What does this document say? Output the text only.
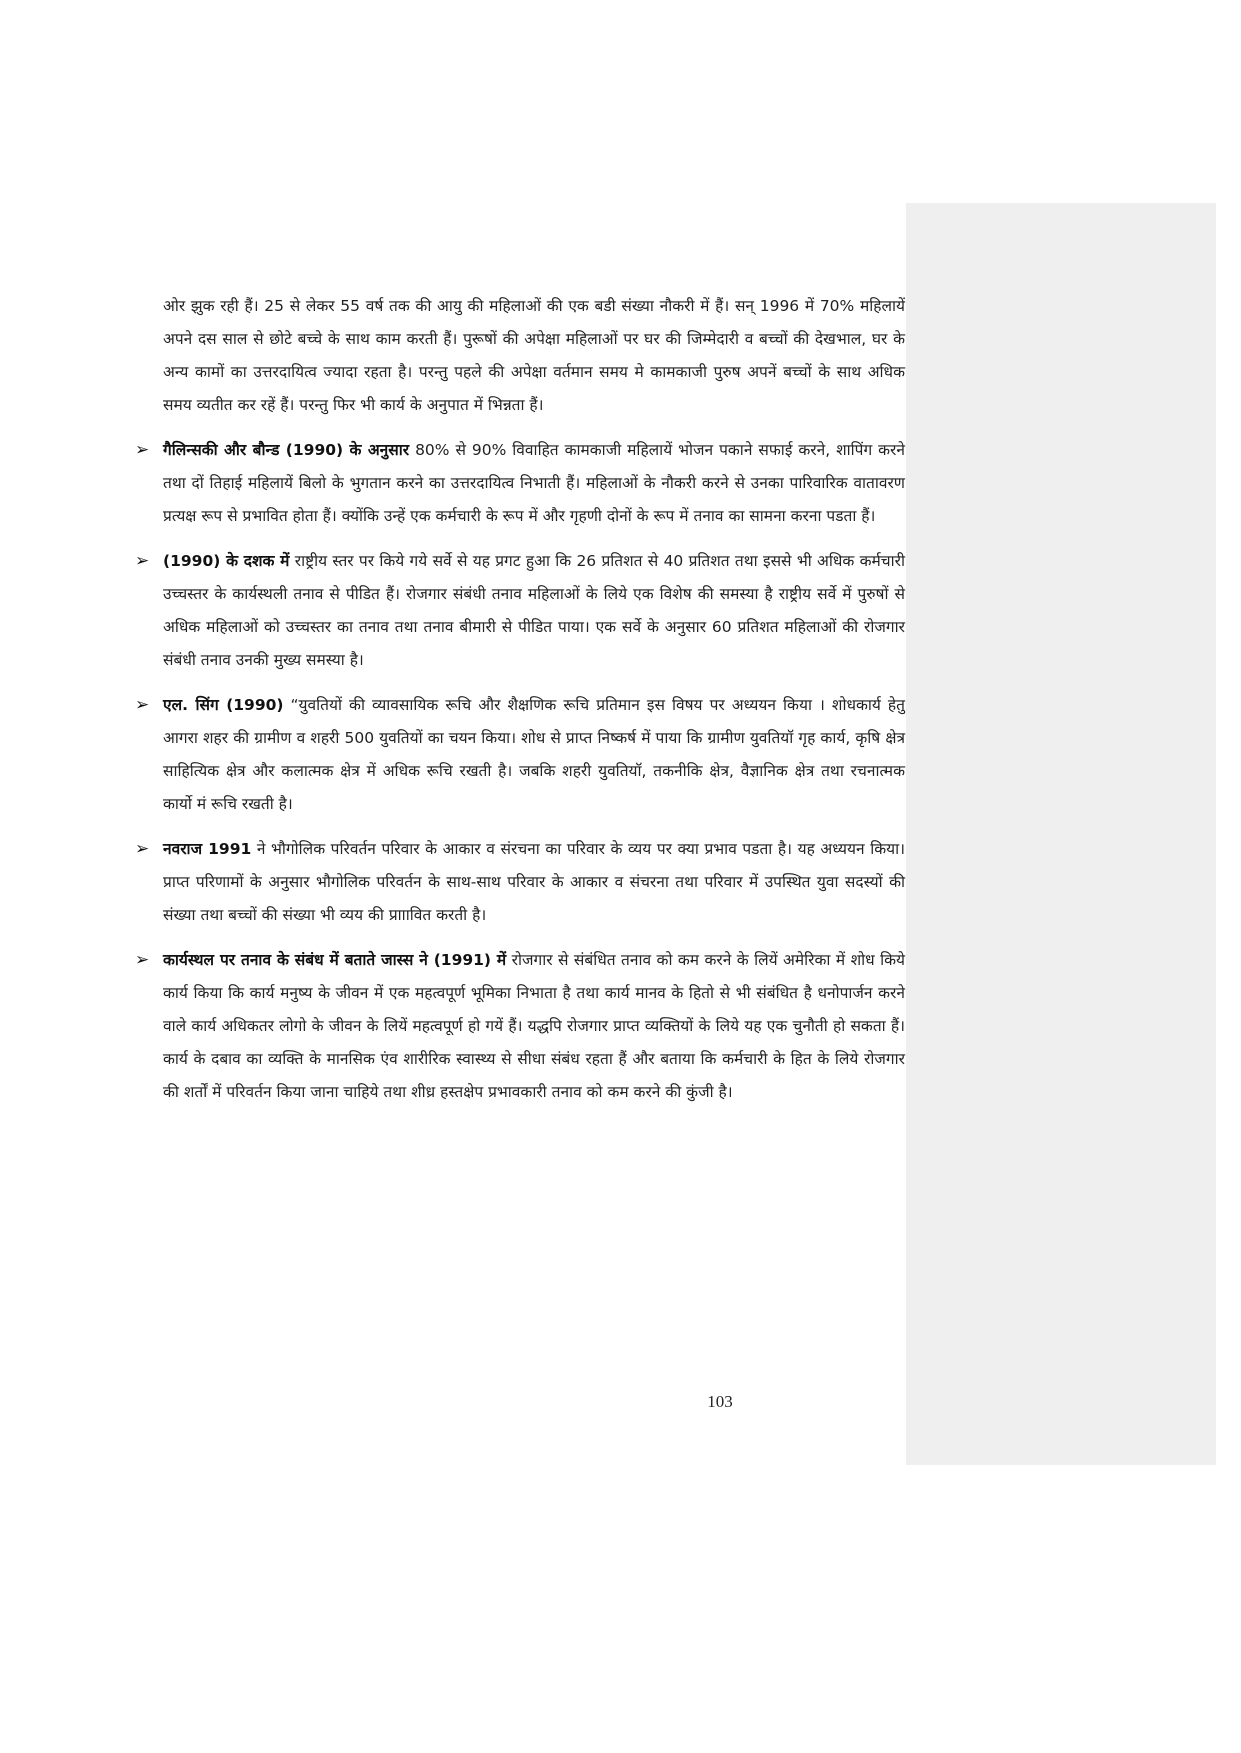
ओर झुक रही हैं। 25 से लेकर 55 वर्ष तक की आयु की महिलाओं की एक बडी संख्या नौकरी में हैं। सन् 1996 में 70% महिलायें अपने दस साल से छोटे बच्चे के साथ काम करती हैं। पुरूषों की अपेक्षा महिलाओं पर घर की जिम्मेदारी व बच्चों की देखभाल, घर के अन्य कामों का उत्तरदायित्व ज्यादा रहता है। परन्तु पहले की अपेक्षा वर्तमान समय मे कामकाजी पुरुष अपनें बच्चों के साथ अधिक समय व्यतीत कर रहें हैं। परन्तु फिर भी कार्य के अनुपात में भिन्नता हैं।

➢ गैलिन्सकी और बौन्ड (1990) के अनुसार 80% से 90% विवाहित कामकाजी महिलायें भोजन पकाने सफाई करने, शापिंग करने तथा दों तिहाई महिलायें बिलो के भुगतान करने का उत्तरदायित्व निभाती हैं। महिलाओं के नौकरी करने से उनका पारिवारिक वातावरण प्रत्यक्ष रूप से प्रभावित होता हैं। क्योंकि उन्हें एक कर्मचारी के रूप में और गृहणी दोनों के रूप में तनाव का सामना करना पडता हैं।
➢ (1990) के दशक में राष्ट्रीय स्तर पर किये गये सर्वे से यह प्रगट हुआ कि 26 प्रतिशत से 40 प्रतिशत तथा इससे भी अधिक कर्मचारी उच्चस्तर के कार्यस्थली तनाव से पीडित हैं। रोजगार संबंधी तनाव महिलाओं के लिये एक विशेष की समस्या है राष्ट्रीय सर्वे में पुरुषों से अधिक महिलाओं को उच्चस्तर का तनाव तथा तनाव बीमारी से पीडित पाया। एक सर्वे के अनुसार 60 प्रतिशत महिलाओं की रोजगार संबंधी तनाव उनकी मुख्य समस्या है।
➢ एल. सिंग (1990) “युवतियों की व्यावसायिक रूचि और शैक्षणिक रूचि प्रतिमान इस विषय पर अध्ययन किया । शोधकार्य हेतु आगरा शहर की ग्रामीण व शहरी 500 युवतियों का चयन किया। शोध से प्राप्त निष्कर्ष में पाया कि ग्रामीण युवतियॉ गृह कार्य, कृषि क्षेत्र साहित्यिक क्षेत्र और कलात्मक क्षेत्र में अधिक रूचि रखती है। जबकि शहरी युवतियॉ, तकनीकि क्षेत्र, वैज्ञानिक क्षेत्र तथा रचनात्मक कार्यो मं रूचि रखती है।
➢ नवराज 1991 ने भौगोलिक परिवर्तन परिवार के आकार व संरचना का परिवार के व्यय पर क्या प्रभाव पडता है। यह अध्ययन किया। प्राप्त परिणामों के अनुसार भौगोलिक परिवर्तन के साथ-साथ परिवार के आकार व संचरना तथा परिवार में उपस्थित युवा सदस्यों की संख्या तथा बच्चों की संख्या भी व्यय की प्रााावित करती है।
➢ कार्यस्थल पर तनाव के संबंध में बताते जास्स ने (1991) में रोजगार से संबंधित तनाव को कम करने के लियें अमेरिका में शोध किये कार्य किया कि कार्य मनुष्य के जीवन में एक महत्वपूर्ण भूमिका निभाता है तथा कार्य मानव के हितो से भी संबंधित है धनोपार्जन करने वाले कार्य अधिकतर लोगो के जीवन के लियें महत्वपूर्ण हो गयें हैं। यद्धपि रोजगार प्राप्त व्यक्तियों के लिये यह एक चुनौती हो सकता हैं। कार्य के दबाव का व्यक्ति के मानसिक एंव शारीरिक स्वास्थ्य से सीधा संबंध रहता हैं और बताया कि कर्मचारी के हित के लिये रोजगार की शर्तों में परिवर्तन किया जाना चाहिये तथा शीध्र हस्तक्षेप प्रभावकारी तनाव को कम करने की कुंजी है।
103
